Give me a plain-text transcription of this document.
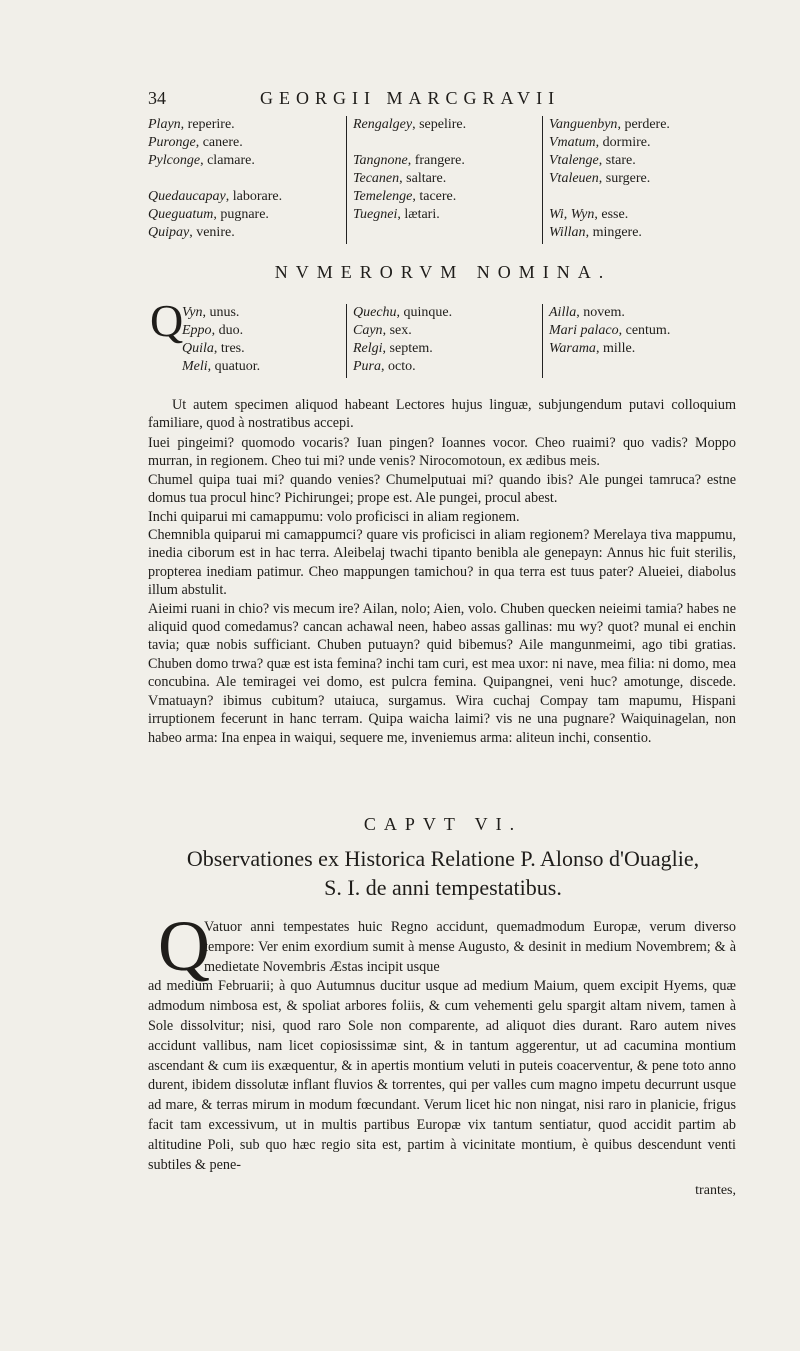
34	GEORGII MARCGRAVII
Playn, reperire.
Puronge, canere.
Pylconge, clamare.
Quedaucapay, laborare.
Queguatum, pugnare.
Quipay, venire.
Rengalgey, sepelire.
Tangnone, frangere.
Tecanen, saltare.
Temelenge, tacere.
Tuegnei, lætari.
Vanguenbyn, perdere.
Vmatum, dormire.
Vtalenge, stare.
Vtaleuen, surgere.
Wi, Wyn, esse.
Willan, mingere.
NVMERORVM NOMINA.
Q
Vyn, unus.
Eppo, duo.
Quila, tres.
Meli, quatuor.
Quechu, quinque.
Cayn, sex.
Relgi, septem.
Pura, octo.
Ailla, novem.
Mari palaco, centum.
Warama, mille.
Ut autem specimen aliquod habeant Lectores hujus linguæ, subjungendum putavi colloquium familiare, quod à nostratibus accepi.
Iuei pingeimi? quomodo vocaris? Iuan pingen? Ioannes vocor. Cheo ruaimi? quo vadis? Moppo murran, in regionem. Cheo tui mi? unde venis? Nirocomotoun, ex ædibus meis.
Chumel quipa tuai mi? quando venies? Chumelputuai mi? quando ibis? Ale pungei tamruca? estne domus tua procul hinc? Pichirungei; prope est. Ale pungei, procul abest.
Inchi quiparui mi camappumu: volo proficisci in aliam regionem.
Chemnibla quiparui mi camappumci? quare vis proficisci in aliam regionem? Merelaya tiva mappumu, inedia ciborum est in hac terra. Aleibelaj twachi tipanto benibla ale genepayn: Annus hic fuit sterilis, propterea inediam patimur. Cheo mappungen tamichou? in qua terra est tuus pater? Alueiei, diabolus illum abstulit.
Aieimi ruani in chio? vis mecum ire? Ailan, nolo; Aien, volo. Chuben quecken neieimi tamia? habes ne aliquid quod comedamus? cancan achawal neen, habeo assas gallinas: mu wy? quot? munal ei enchin tavia; quæ nobis sufficiant. Chuben putuayn? quid bibemus? Aile mangunmeimi, ago tibi gratias. Chuben domo trwa? quæ est ista femina? inchi tam curi, est mea uxor: ni nave, mea filia: ni domo, mea concubina. Ale temiragei vei domo, est pulcra femina. Quipangnei, veni huc? amotunge, discede. Vmatuayn? ibimus cubitum? utaiuca, surgamus. Wira cuchaj Compay tam mapumu, Hispani irruptionem fecerunt in hanc terram. Quipa waicha laimi? vis ne una pugnare? Waiquinagelan, non habeo arma: Ina enpea in waiqui, sequere me, inveniemus arma: aliteun inchi, consentio.
CAPVT VI.
Observationes ex Historica Relatione P. Alonso d'Ouaglie,
S. I. de anni tempestatibus.
Q
Vatuor anni tempestates huic Regno accidunt, quemadmodum Europæ, verum diverso tempore: Ver enim exordium sumit à mense Augusto, & desinit in medium Novembrem; & à medietate Novembris Æstas incipit usque
ad medium Februarii; à quo Autumnus ducitur usque ad medium Maium, quem excipit Hyems, quæ admodum nimbosa est, & spoliat arbores foliis, & cum vehementi gelu spargit altam nivem, tamen à Sole dissolvitur; nisi, quod raro Sole non comparente, ad aliquot dies durant. Raro autem nives accidunt vallibus, nam licet copiosissimæ sint, & in tantum aggerentur, ut ad cacumina montium ascendant & cum iis exæquentur, & in apertis montium veluti in puteis coacerventur, & pene toto anno durent, ibidem dissolutæ inflant fluvios & torrentes, qui per valles cum magno impetu decurrunt usque ad mare, & terras mirum in modum fœcundant. Verum licet hic non ningat, nisi raro in planicie, frigus facit tam excessivum, ut in multis partibus Europæ vix tantum sentiatur, quod accidit partim ab altitudine Poli, sub quo hæc regio sita est, partim à vicinitate montium, è quibus descendunt venti subtiles & pene-
trantes,
